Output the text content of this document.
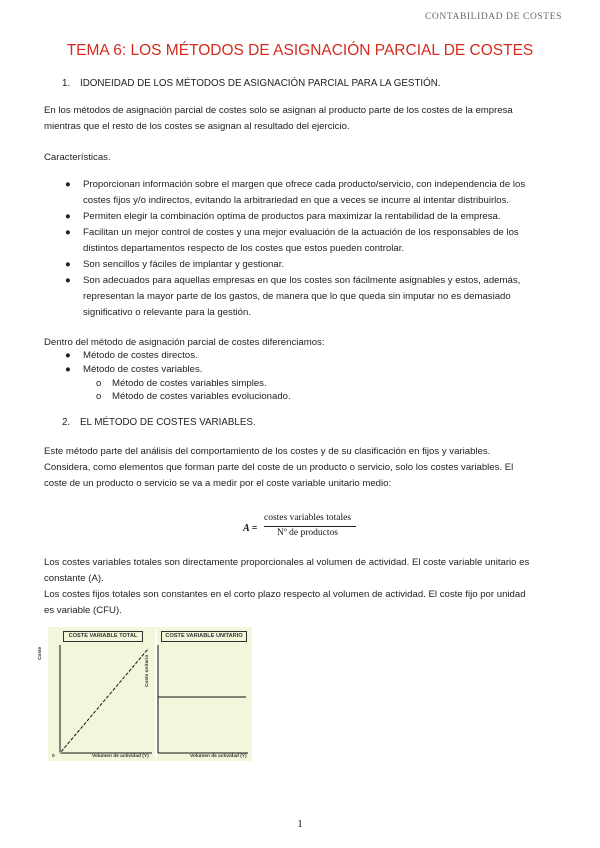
CONTABILIDAD DE COSTES
TEMA 6: LOS MÉTODOS DE ASIGNACIÓN PARCIAL DE COSTES
1. IDONEIDAD DE LOS MÉTODOS DE ASIGNACIÓN PARCIAL PARA LA GESTIÓN.
En los métodos de asignación parcial de costes solo se asignan al producto parte de los costes de la empresa
mientras que el resto de los costes se asignan al resultado del ejercicio.
Características.
● Proporcionan información sobre el margen que ofrece cada producto/servicio, con independencia de los
costes fijos y/o indirectos, evitando la arbitrariedad en que a veces se incurre al intentar distribuirlos.
● Permiten elegir la combinación optima de productos para maximizar la rentabilidad de la empresa.
● Facilitan un mejor control de costes y una mejor evaluación de la actuación de los responsables de los
distintos departamentos respecto de los costes que estos pueden controlar.
● Son sencillos y fáciles de implantar y gestionar.
● Son adecuados para aquellas empresas en que los costes son fácilmente asignables y estos, además,
representan la mayor parte de los gastos, de manera que lo que queda sin imputar no es demasiado
significativo o relevante para la gestión.
Dentro del método de asignación parcial de costes diferenciamos:
● Método de costes directos.
● Método de costes variables.
o Método de costes variables simples.
o Método de costes variables evolucionado.
2. EL MÉTODO DE COSTES VARIABLES.
Este método parte del análisis del comportamiento de los costes y de su clasificación en fijos y variables.
Considera, como elementos que forman parte del coste de un producto o servicio, solo los costes variables. El
coste de un producto o servicio se va a medir por el coste variable unitario medio:
A =
costes variables totales
Nº de productos
Los costes variables totales son directamente proporcionales al volumen de actividad. El coste variable unitario es
constante (A).
Los costes fijos totales son constantes en el corto plazo respecto al volumen de actividad. El coste fijo por unidad
es variable (CFU).
COSTE VARIABLE TOTAL	COSTE VARIABLE UNITARIO
Coste
Coste unitario
0	Volumen de actividad (Y)	Volumen de actividad (Y)
1
